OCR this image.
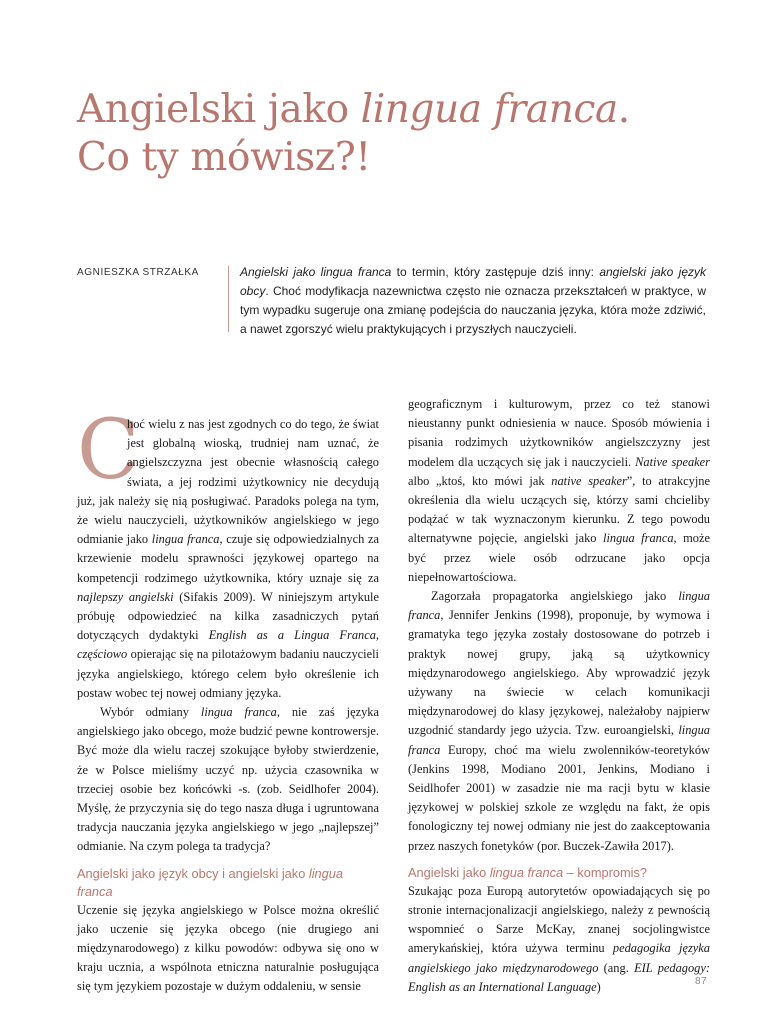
Angielski jako lingua franca.
Co ty mówisz?!

AGNIESZKA STRZAŁKA	Angielski jako lingua franca to termin, który zastępuje dziś inny: angielski jako język obcy. Choć modyfikacja nazewnictwa często nie oznacza przekształceń w praktyce, w tym wypadku sugeruje ona zmianę podejścia do nauczania języka, która może zdziwić, a nawet zgorszyć wielu praktykujących i przyszłych nauczycieli.

C
hoć wielu z nas jest zgodnych co do tego, że świat jest globalną wioską, trudniej nam uznać, że angielszczyzna jest obecnie własnością całego świata, a jej rodzimi użytkownicy nie decydują już, jak należy się nią posługiwać. Paradoks polega na tym, że wielu nauczycieli, użytkowników angielskiego w jego odmianie jako lingua franca, czuje się odpowiedzialnych za krzewienie modelu sprawności językowej opartego na kompetencji rodzimego użytkownika, który uznaje się za najlepszy angielski (Sifakis 2009). W niniejszym artykule próbuję odpowiedzieć na kilka zasadniczych pytań dotyczących dydaktyki English as a Lingua Franca, częściowo opierając się na pilotażowym badaniu nauczycieli języka angielskiego, którego celem było określenie ich postaw wobec tej nowej odmiany języka.

Wybór odmiany lingua franca, nie zaś języka angielskiego jako obcego, może budzić pewne kontrowersje. Być może dla wielu raczej szokujące byłoby stwierdzenie, że w Polsce mieliśmy uczyć np. użycia czasownika w trzeciej osobie bez końcówki -s. (zob. Seidlhofer 2004). Myślę, że przyczynia się do tego nasza długa i ugruntowana tradycja nauczania języka angielskiego w jego „najlepszej” odmianie. Na czym polega ta tradycja?

Angielski jako język obcy i angielski jako lingua franca

Uczenie się języka angielskiego w Polsce można określić jako uczenie się języka obcego (nie drugiego ani międzynarodowego) z kilku powodów: odbywa się ono w kraju ucznia, a wspólnota etniczna naturalnie posługująca się tym językiem pozostaje w dużym oddaleniu, w sensie

geograficznym i kulturowym, przez co też stanowi nieustanny punkt odniesienia w nauce. Sposób mówienia i pisania rodzimych użytkowników angielszczyzny jest modelem dla uczących się jak i nauczycieli. Native speaker albo „ktoś, kto mówi jak native speaker”, to atrakcyjne określenia dla wielu uczących się, którzy sami chcieliby podążać w tak wyznaczonym kierunku. Z tego powodu alternatywne pojęcie, angielski jako lingua franca, może być przez wiele osób odrzucane jako opcja niepełnowartościowa.

Zagorzała propagatorka angielskiego jako lingua franca, Jennifer Jenkins (1998), proponuje, by wymowa i gramatyka tego języka zostały dostosowane do potrzeb i praktyk nowej grupy, jaką są użytkownicy międzynarodowego angielskiego. Aby wprowadzić język używany na świecie w celach komunikacji międzynarodowej do klasy językowej, należałoby najpierw uzgodnić standardy jego użycia. Tzw. euroangielski, lingua franca Europy, choć ma wielu zwolenników-teoretyków (Jenkins 1998, Modiano 2001, Jenkins, Modiano i Seidlhofer 2001) w zasadzie nie ma racji bytu w klasie językowej w polskiej szkole ze względu na fakt, że opis fonologiczny tej nowej odmiany nie jest do zaakceptowania przez naszych fonetyków (por. Buczek-Zawiła 2017).

Angielski jako lingua franca – kompromis?

Szukając poza Europą autorytetów opowiadających się po stronie internacjonalizacji angielskiego, należy z pewnością wspomnieć o Sarze McKay, znanej socjolingwistce amerykańskiej, która używa terminu pedagogika języka angielskiego jako międzynarodowego (ang. EIL pedagogy: English as an International Language)	87
